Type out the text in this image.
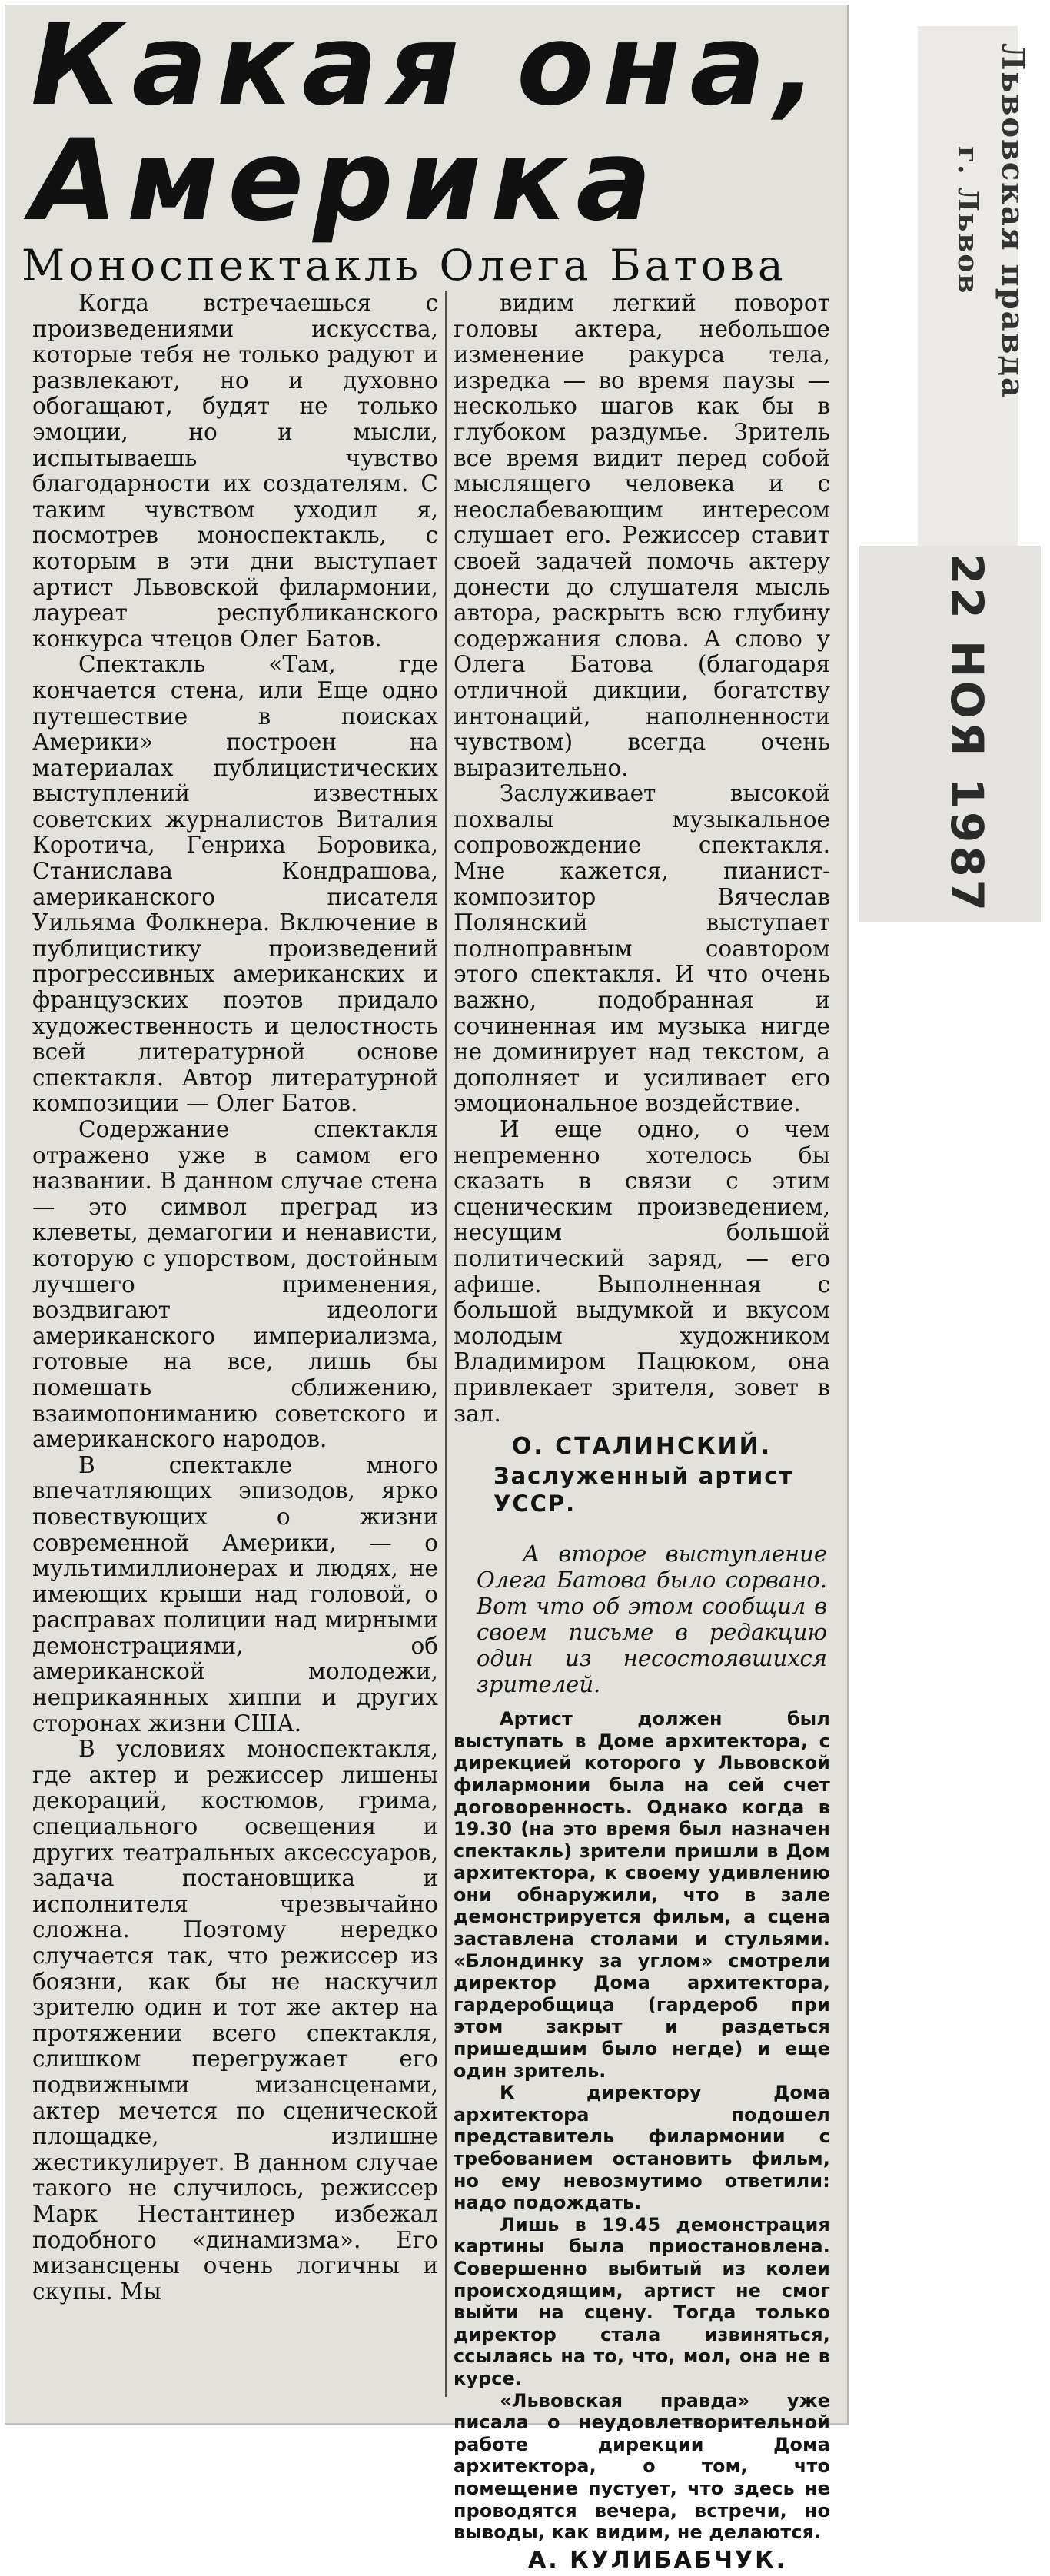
Какая она,
Америка
Моноспектакль Олега Батова

Когда встречаешься с произведениями искусства, которые тебя не только радуют и развлекают, но и духовно обогащают, будят не только эмоции, но и мысли, испытываешь чувство благодарности их создателям. С таким чувством уходил я, посмотрев моноспектакль, с которым в эти дни выступает артист Львовской филармонии, лауреат республиканского конкурса чтецов Олег Батов.

Спектакль «Там, где кончается стена, или Еще одно путешествие в поисках Америки» построен на материалах публицистических выступлений известных советских журналистов Виталия Коротича, Генриха Боровика, Станислава Кондрашова, американского писателя Уильяма Фолкнера. Включение в публицистику произведений прогрессивных американских и французских поэтов придало художественность и целостность всей литературной основе спектакля. Автор литературной композиции — Олег Батов.

Содержание спектакля отражено уже в самом его названии. В данном случае стена — это символ преград из клеветы, демагогии и ненависти, которую с упорством, достойным лучшего применения, воздвигают идеологи американского империализма, готовые на все, лишь бы помешать сближению, взаимопониманию советского и американского народов.

В спектакле много впечатляющих эпизодов, ярко повествующих о жизни современной Америки, — о мультимиллионерах и людях, не имеющих крыши над головой, о расправах полиции над мирными демонстрациями, об американской молодежи, неприкаянных хиппи и других сторонах жизни США.

В условиях моноспектакля, где актер и режиссер лишены декораций, костюмов, грима, специального освещения и других театральных аксессуаров, задача постановщика и исполнителя чрезвычайно сложна. Поэтому нередко случается так, что режиссер из боязни, как бы не наскучил зрителю один и тот же актер на протяжении всего спектакля, слишком перегружает его подвижными мизансценами, актер мечется по сценической площадке, излишне жестикулирует. В данном случае такого не случилось, режиссер Марк Нестантинер избежал подобного «динамизма». Его мизансцены очень логичны и скупы. Мы

видим легкий поворот головы актера, небольшое изменение ракурса тела, изредка — во время паузы — несколько шагов как бы в глубоком раздумье. Зритель все время видит перед собой мыслящего человека и с неослабевающим интересом слушает его. Режиссер ставит своей задачей помочь актеру донести до слушателя мысль автора, раскрыть всю глубину содержания слова. А слово у Олега Батова (благодаря отличной дикции, богатству интонаций, наполненности чувством) всегда очень выразительно.

Заслуживает высокой похвалы музыкальное сопровождение спектакля. Мне кажется, пианист-композитор Вячеслав Полянский выступает полноправным соавтором этого спектакля. И что очень важно, подобранная и сочиненная им музыка нигде не доминирует над текстом, а дополняет и усиливает его эмоциональное воздействие.

И еще одно, о чем непременно хотелось бы сказать в связи с этим сценическим произведением, несущим большой политический заряд, — его афише. Выполненная с большой выдумкой и вкусом молодым художником Владимиром Пацюком, она привлекает зрителя, зовет в зал.

О. СТАЛИНСКИЙ.
Заслуженный артист
УССР.

А второе выступление Олега Батова было сорвано. Вот что об этом сообщил в своем письме в редакцию один из несостоявшихся зрителей.

Артист должен был выступать в Доме архитектора, с дирекцией которого у Львовской филармонии была на сей счет договоренность. Однако когда в 19.30 (на это время был назначен спектакль) зрители пришли в Дом архитектора, к своему удивлению они обнаружили, что в зале демонстрируется фильм, а сцена заставлена столами и стульями. «Блондинку за углом» смотрели директор Дома архитектора, гардеробщица (гардероб при этом закрыт и раздеться пришедшим было негде) и еще один зритель.

К директору Дома архитектора подошел представитель филармонии с требованием остановить фильм, но ему невозмутимо ответили: надо подождать.

Лишь в 19.45 демонстрация картины была приостановлена. Совершенно выбитый из колеи происходящим, артист не смог выйти на сцену. Тогда только директор стала извиняться, ссылаясь на то, что, мол, она не в курсе.

«Львовская правда» уже писала о неудовлетворительной работе дирекции Дома архитектора, о том, что помещение пустует, что здесь не проводятся вечера, встречи, но выводы, как видим, не делаются.

А. КУЛИБАБЧУК.
Львовская правда
г. Львов
22 НОЯ 1987
